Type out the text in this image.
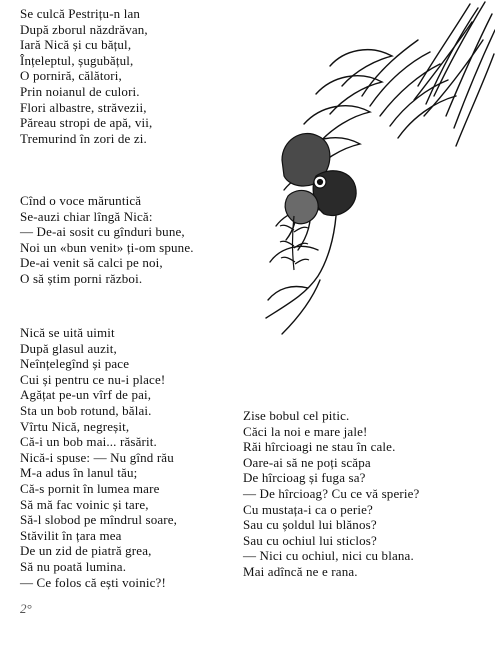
Se culcă Pestrițu-n lan
După zborul năzdrăvan,
Iară Nică și cu bățul,
Înțeleptul, șugubățul,
O porniră, călători,
Prin noianul de culori.
Flori albastre, străvezii,
Păreau stropi de apă, vii,
Tremurind în zori de zi.
Cînd o voce măruntică
Se-auzi chiar lîngă Nică:
— De-ai sosit cu gînduri bune,
Noi un «bun venit» ți-om spune.
De-ai venit să calci pe noi,
O să știm porni război.
Nică se uită uimit
După glasul auzit,
Neînțelegînd și pace
Cui și pentru ce nu-i place!
Agățat pe-un vîrf de pai,
Sta un bob rotund, bălai.
Vîrtu Nică, negreșit,
Că-i un bob mai... răsărit.
Nică-i spuse: — Nu gînd rău
M-a adus în lanul tău;
Că-s pornit în lumea mare
Să mă fac voinic și tare,
Să-l slobod pe mîndrul soare,
Stăvilit în țara mea
De un zid de piatră grea,
Să nu poată lumina.
— Ce folos că ești voinic?!
Zise bobul cel pitic.
Căci la noi e mare jale!
Răi hîrcioagi ne stau în cale.
Oare-ai să ne poți scăpa
De hîrcioag și fuga sa?
— De hîrcioag? Cu ce vă sperie?
Cu mustața-i ca o perie?
Sau cu șoldul lui blănos?
Sau cu ochiul lui sticlos?
— Nici cu ochiul, nici cu blana.
Mai adîncă ne e rana.
2°
